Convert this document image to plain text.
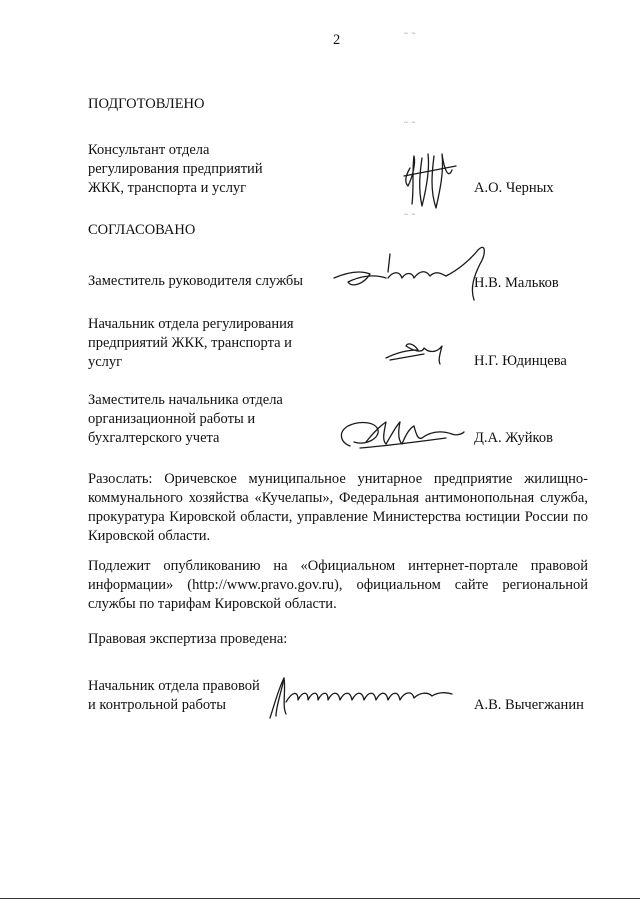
2	~ ~
~ ~
~ ~
ПОДГОТОВЛЕНО
Консультант отдела
регулирования предприятий
ЖКК, транспорта и услуг	А.О. Черных
СОГЛАСОВАНО
Заместитель руководителя службы	Н.В. Мальков
Начальник отдела регулирования
предприятий ЖКК, транспорта и
услуг	Н.Г. Юдинцева
Заместитель начальника отдела
организационной работы и
бухгалтерского учета	Д.А. Жуйков
Разослать: Оричевское муниципальное унитарное предприятие жилищно-коммунального хозяйства «Кучелапы», Федеральная антимонопольная служба, прокуратура Кировской области, управление Министерства юстиции России по Кировской области.
Подлежит опубликованию на «Официальном интернет-портале правовой информации» (http://www.pravo.gov.ru), официальном сайте региональной службы по тарифам Кировской области.
Правовая экспертиза проведена:
Начальник отдела правовой
и контрольной работы	А.В. Вычегжанин
